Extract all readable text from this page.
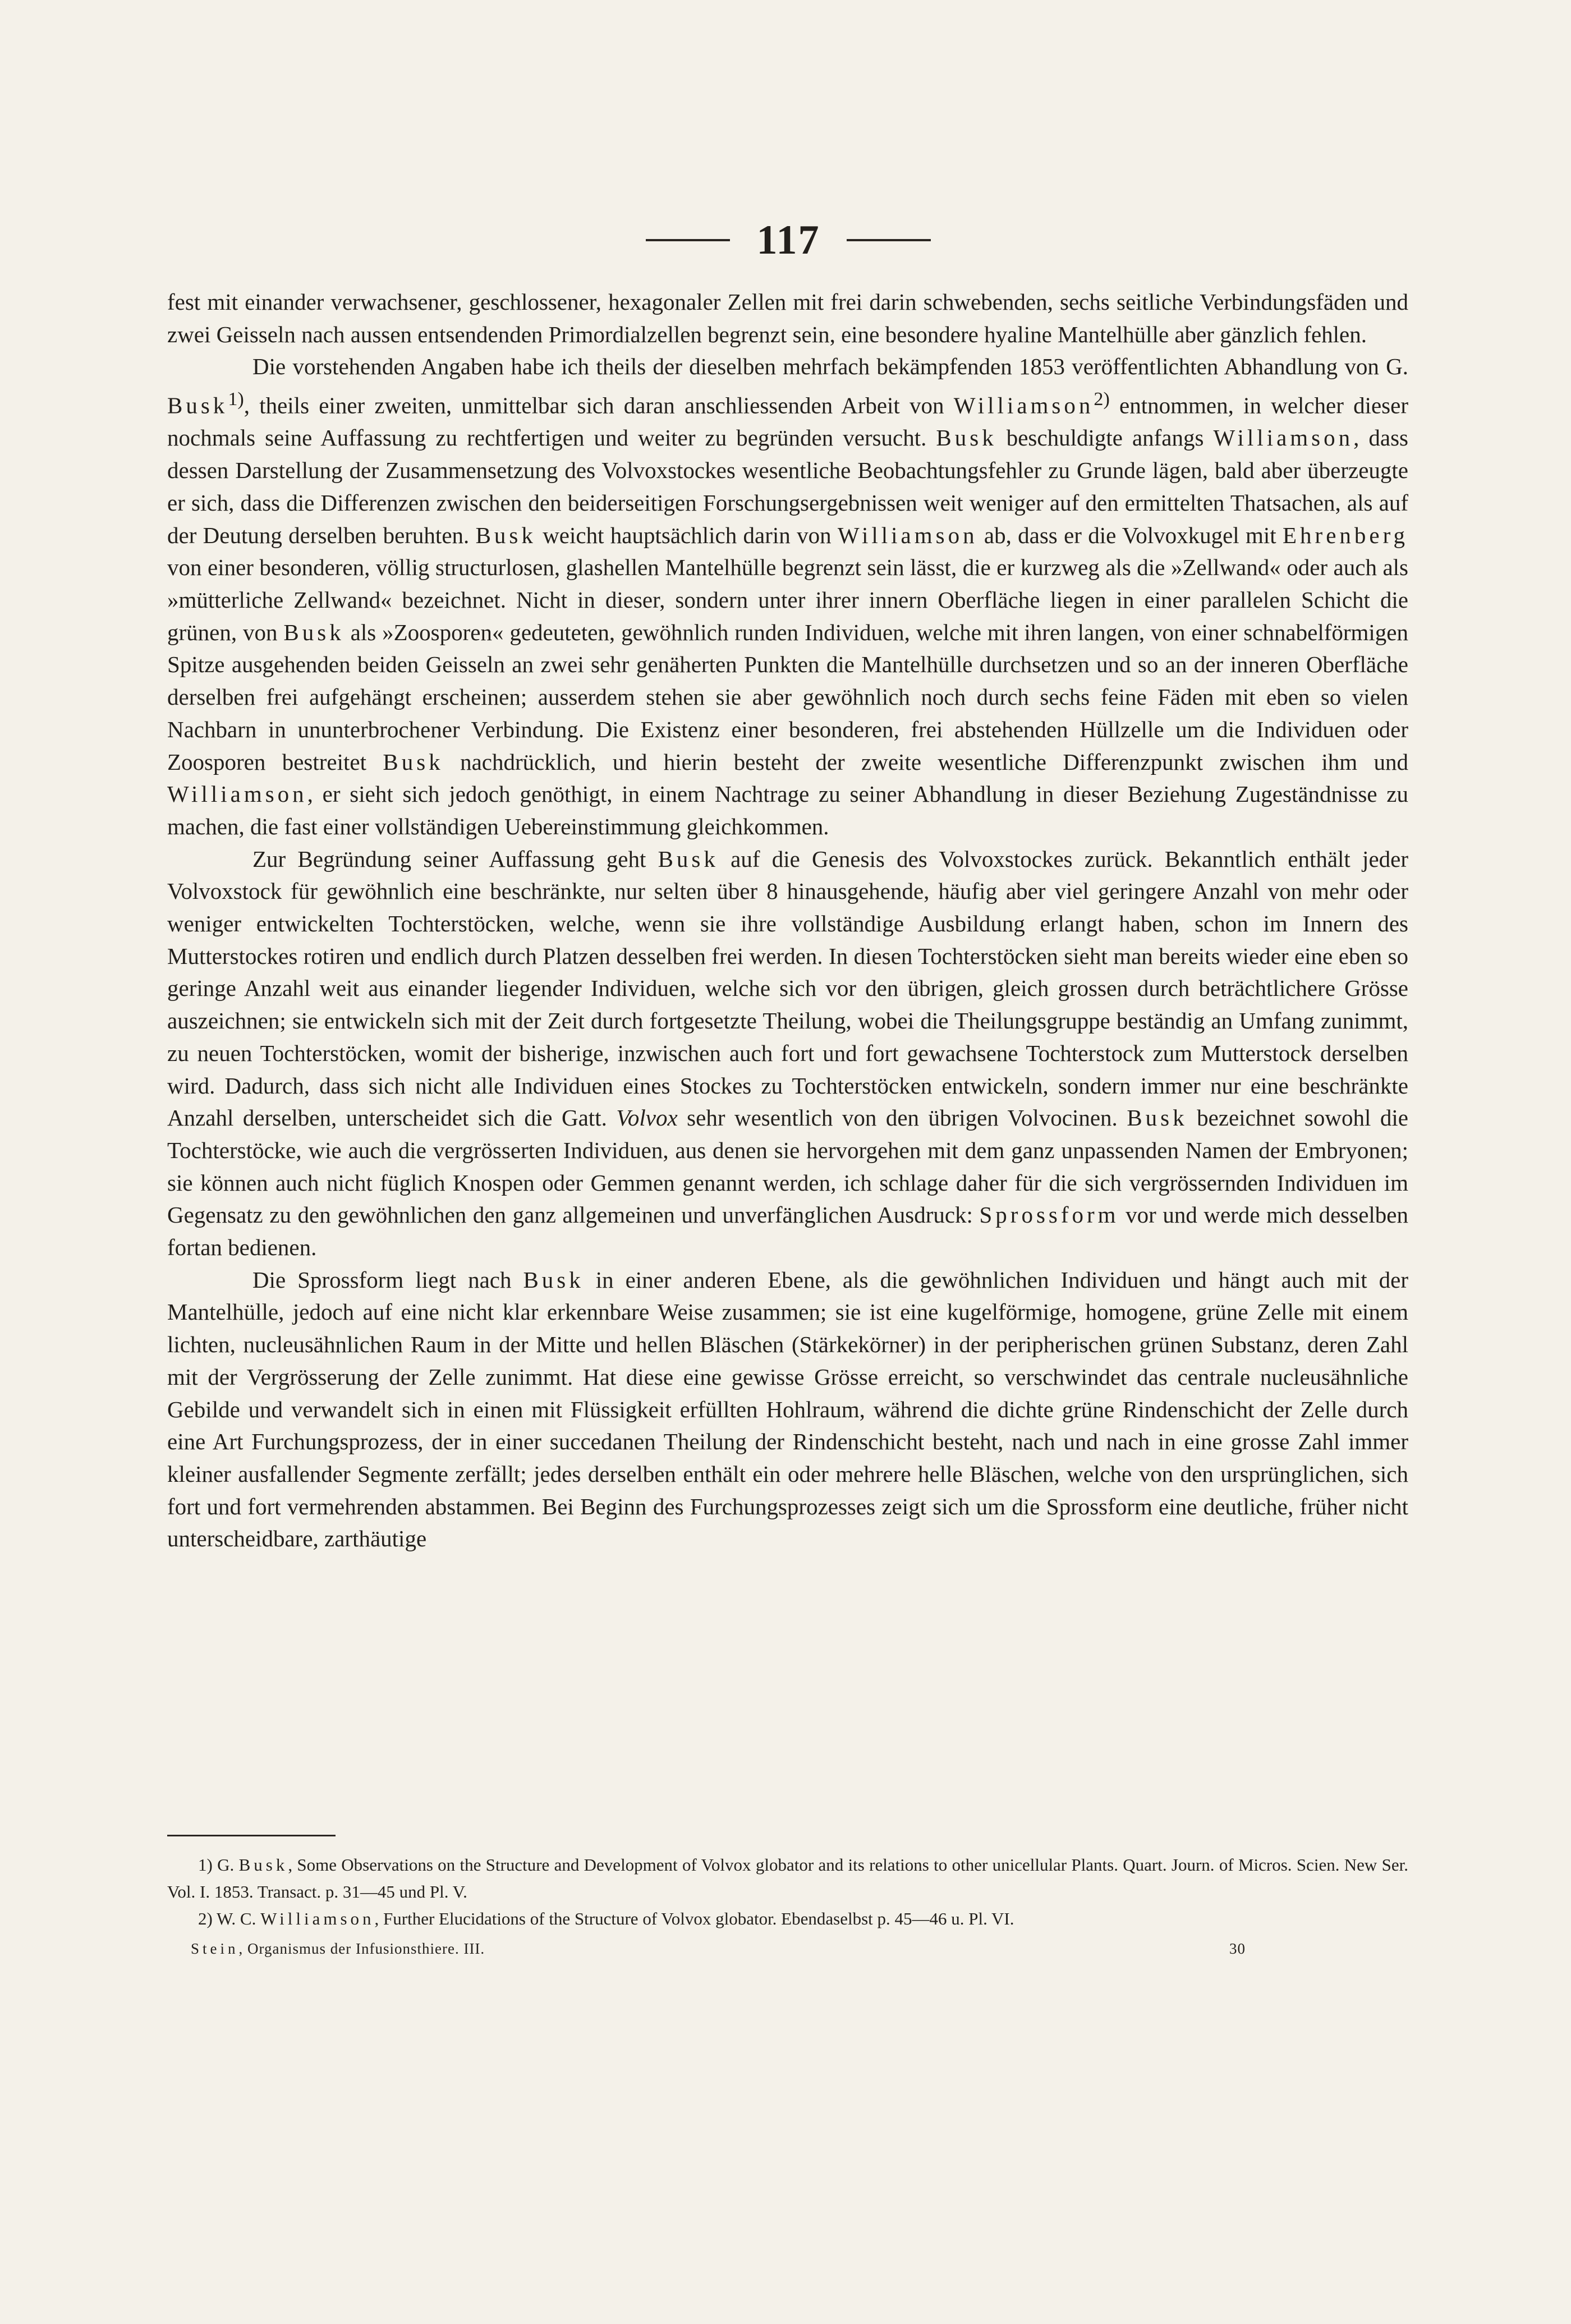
117

fest mit einander verwachsener, geschlossener, hexagonaler Zellen mit frei darin schwebenden, sechs seitliche Verbindungsfäden und zwei Geisseln nach aussen entsendenden Primordialzellen begrenzt sein, eine besondere hyaline Mantelhülle aber gänzlich fehlen.

Die vorstehenden Angaben habe ich theils der dieselben mehrfach bekämpfenden 1853 veröffentlichten Abhandlung von G. Busk$^{1)}$, theils einer zweiten, unmittelbar sich daran anschliessenden Arbeit von Williamson$^{2)}$ entnommen, in welcher dieser nochmals seine Auffassung zu rechtfertigen und weiter zu begründen versucht. Busk beschuldigte anfangs Williamson, dass dessen Darstellung der Zusammensetzung des Volvoxstockes wesentliche Beobachtungsfehler zu Grunde lägen, bald aber überzeugte er sich, dass die Differenzen zwischen den beiderseitigen Forschungsergebnissen weit weniger auf den ermittelten Thatsachen, als auf der Deutung derselben beruhten. Busk weicht hauptsächlich darin von Williamson ab, dass er die Volvoxkugel mit Ehrenberg von einer besonderen, völlig structurlosen, glashellen Mantelhülle begrenzt sein lässt, die er kurzweg als die »Zellwand« oder auch als »mütterliche Zellwand« bezeichnet. Nicht in dieser, sondern unter ihrer innern Oberfläche liegen in einer parallelen Schicht die grünen, von Busk als »Zoosporen« gedeuteten, gewöhnlich runden Individuen, welche mit ihren langen, von einer schnabelförmigen Spitze ausgehenden beiden Geisseln an zwei sehr genäherten Punkten die Mantelhülle durchsetzen und so an der inneren Oberfläche derselben frei aufgehängt erscheinen; ausserdem stehen sie aber gewöhnlich noch durch sechs feine Fäden mit eben so vielen Nachbarn in ununterbrochener Verbindung. Die Existenz einer besonderen, frei abstehenden Hüllzelle um die Individuen oder Zoosporen bestreitet Busk nachdrücklich, und hierin besteht der zweite wesentliche Differenzpunkt zwischen ihm und Williamson, er sieht sich jedoch genöthigt, in einem Nachtrage zu seiner Abhandlung in dieser Beziehung Zugeständnisse zu machen, die fast einer vollständigen Uebereinstimmung gleichkommen.

Zur Begründung seiner Auffassung geht Busk auf die Genesis des Volvoxstockes zurück. Bekanntlich enthält jeder Volvoxstock für gewöhnlich eine beschränkte, nur selten über 8 hinausgehende, häufig aber viel geringere Anzahl von mehr oder weniger entwickelten Tochterstöcken, welche, wenn sie ihre vollständige Ausbildung erlangt haben, schon im Innern des Mutterstockes rotiren und endlich durch Platzen desselben frei werden. In diesen Tochterstöcken sieht man bereits wieder eine eben so geringe Anzahl weit aus einander liegender Individuen, welche sich vor den übrigen, gleich grossen durch beträchtlichere Grösse auszeichnen; sie entwickeln sich mit der Zeit durch fortgesetzte Theilung, wobei die Theilungsgruppe beständig an Umfang zunimmt, zu neuen Tochterstöcken, womit der bisherige, inzwischen auch fort und fort gewachsene Tochterstock zum Mutterstock derselben wird. Dadurch, dass sich nicht alle Individuen eines Stockes zu Tochterstöcken entwickeln, sondern immer nur eine beschränkte Anzahl derselben, unterscheidet sich die Gatt. Volvox sehr wesentlich von den übrigen Volvocinen. Busk bezeichnet sowohl die Tochterstöcke, wie auch die vergrösserten Individuen, aus denen sie hervorgehen mit dem ganz unpassenden Namen der Embryonen; sie können auch nicht füglich Knospen oder Gemmen genannt werden, ich schlage daher für die sich vergrössernden Individuen im Gegensatz zu den gewöhnlichen den ganz allgemeinen und unverfänglichen Ausdruck: Sprossform vor und werde mich desselben fortan bedienen.

Die Sprossform liegt nach Busk in einer anderen Ebene, als die gewöhnlichen Individuen und hängt auch mit der Mantelhülle, jedoch auf eine nicht klar erkennbare Weise zusammen; sie ist eine kugelförmige, homogene, grüne Zelle mit einem lichten, nucleusähnlichen Raum in der Mitte und hellen Bläschen (Stärkekörner) in der peripherischen grünen Substanz, deren Zahl mit der Vergrösserung der Zelle zunimmt. Hat diese eine gewisse Grösse erreicht, so verschwindet das centrale nucleusähnliche Gebilde und verwandelt sich in einen mit Flüssigkeit erfüllten Hohlraum, während die dichte grüne Rindenschicht der Zelle durch eine Art Furchungsprozess, der in einer succedanen Theilung der Rindenschicht besteht, nach und nach in eine grosse Zahl immer kleiner ausfallender Segmente zerfällt; jedes derselben enthält ein oder mehrere helle Bläschen, welche von den ursprünglichen, sich fort und fort vermehrenden abstammen. Bei Beginn des Furchungsprozesses zeigt sich um die Sprossform eine deutliche, früher nicht unterscheidbare, zarthäutige

1) G. Busk, Some Observations on the Structure and Development of Volvox globator and its relations to other unicellular Plants. Quart. Journ. of Micros. Scien. New Ser. Vol. I. 1853. Transact. p. 31—45 und Pl. V.

2) W. C. Williamson, Further Elucidations of the Structure of Volvox globator. Ebendaselbst p. 45—46 u. Pl. VI.

Stein, Organismus der Infusionsthiere. III.	30
